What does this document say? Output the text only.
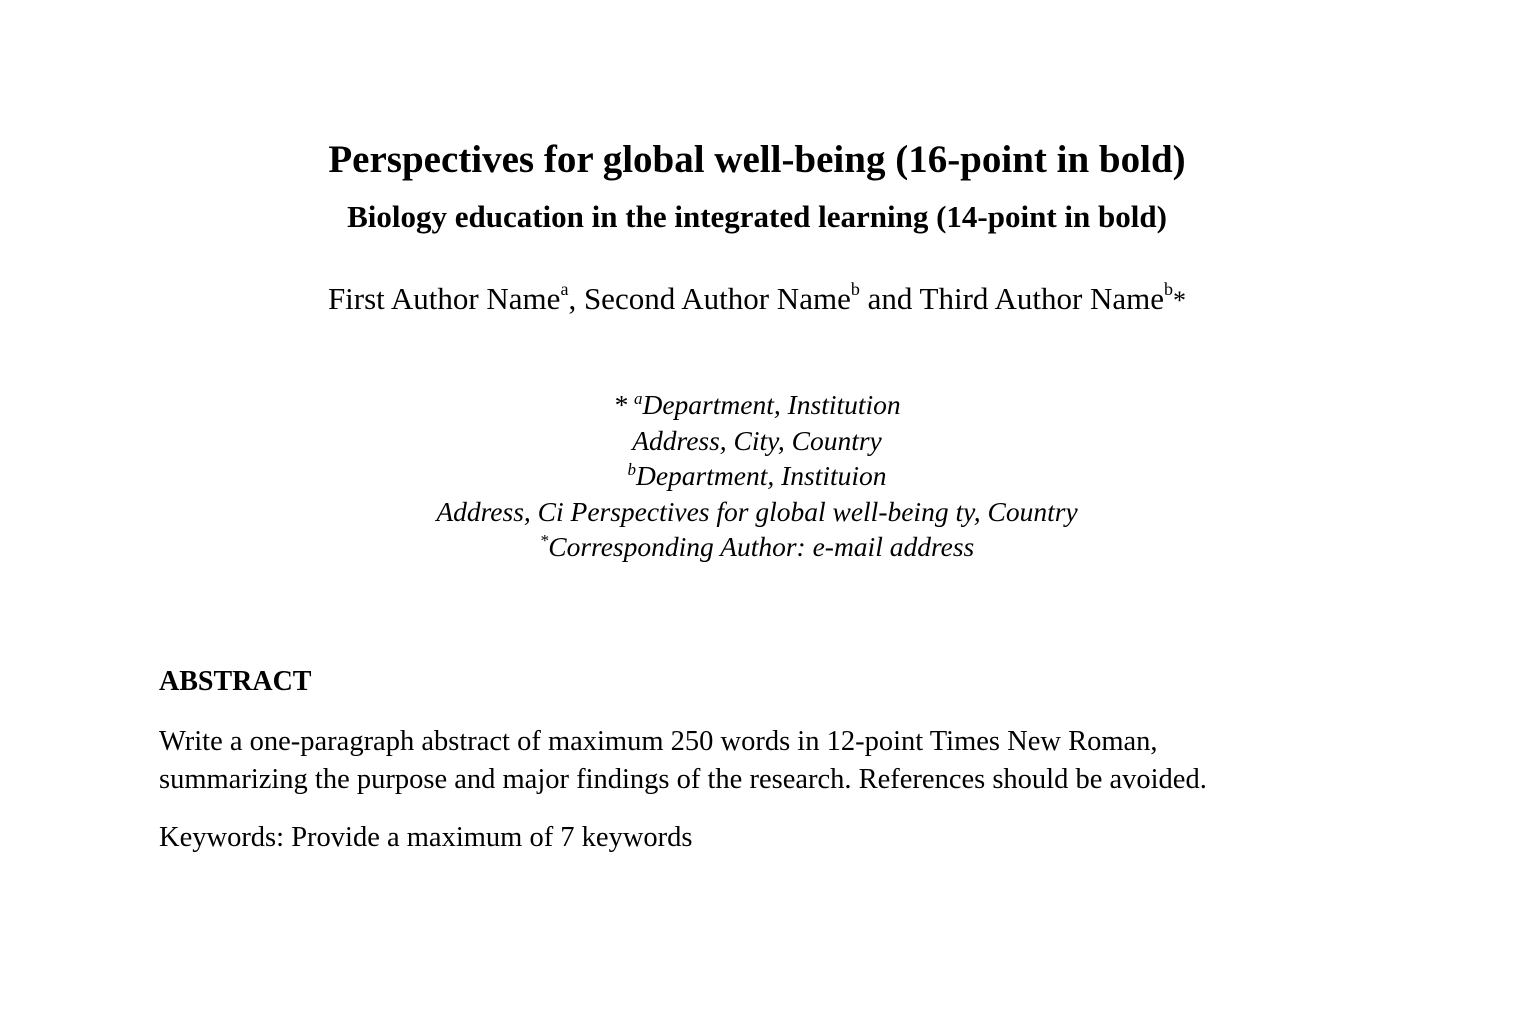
Perspectives for global well-being (16-point in bold)
Biology education in the integrated learning (14-point in bold)
First Author Name$^a$, Second Author Name$^b$ and Third Author Name$^b$*
* $^a$Department, Institution
Address, City, Country
$^b$Department, Instituion
Address, Ci Perspectives for global well-being ty, Country
*Corresponding Author: e-mail address
ABSTRACT
Write a one-paragraph abstract of maximum 250 words in 12-point Times New Roman,
summarizing the purpose and major findings of the research. References should be avoided.
Keywords: Provide a maximum of 7 keywords
